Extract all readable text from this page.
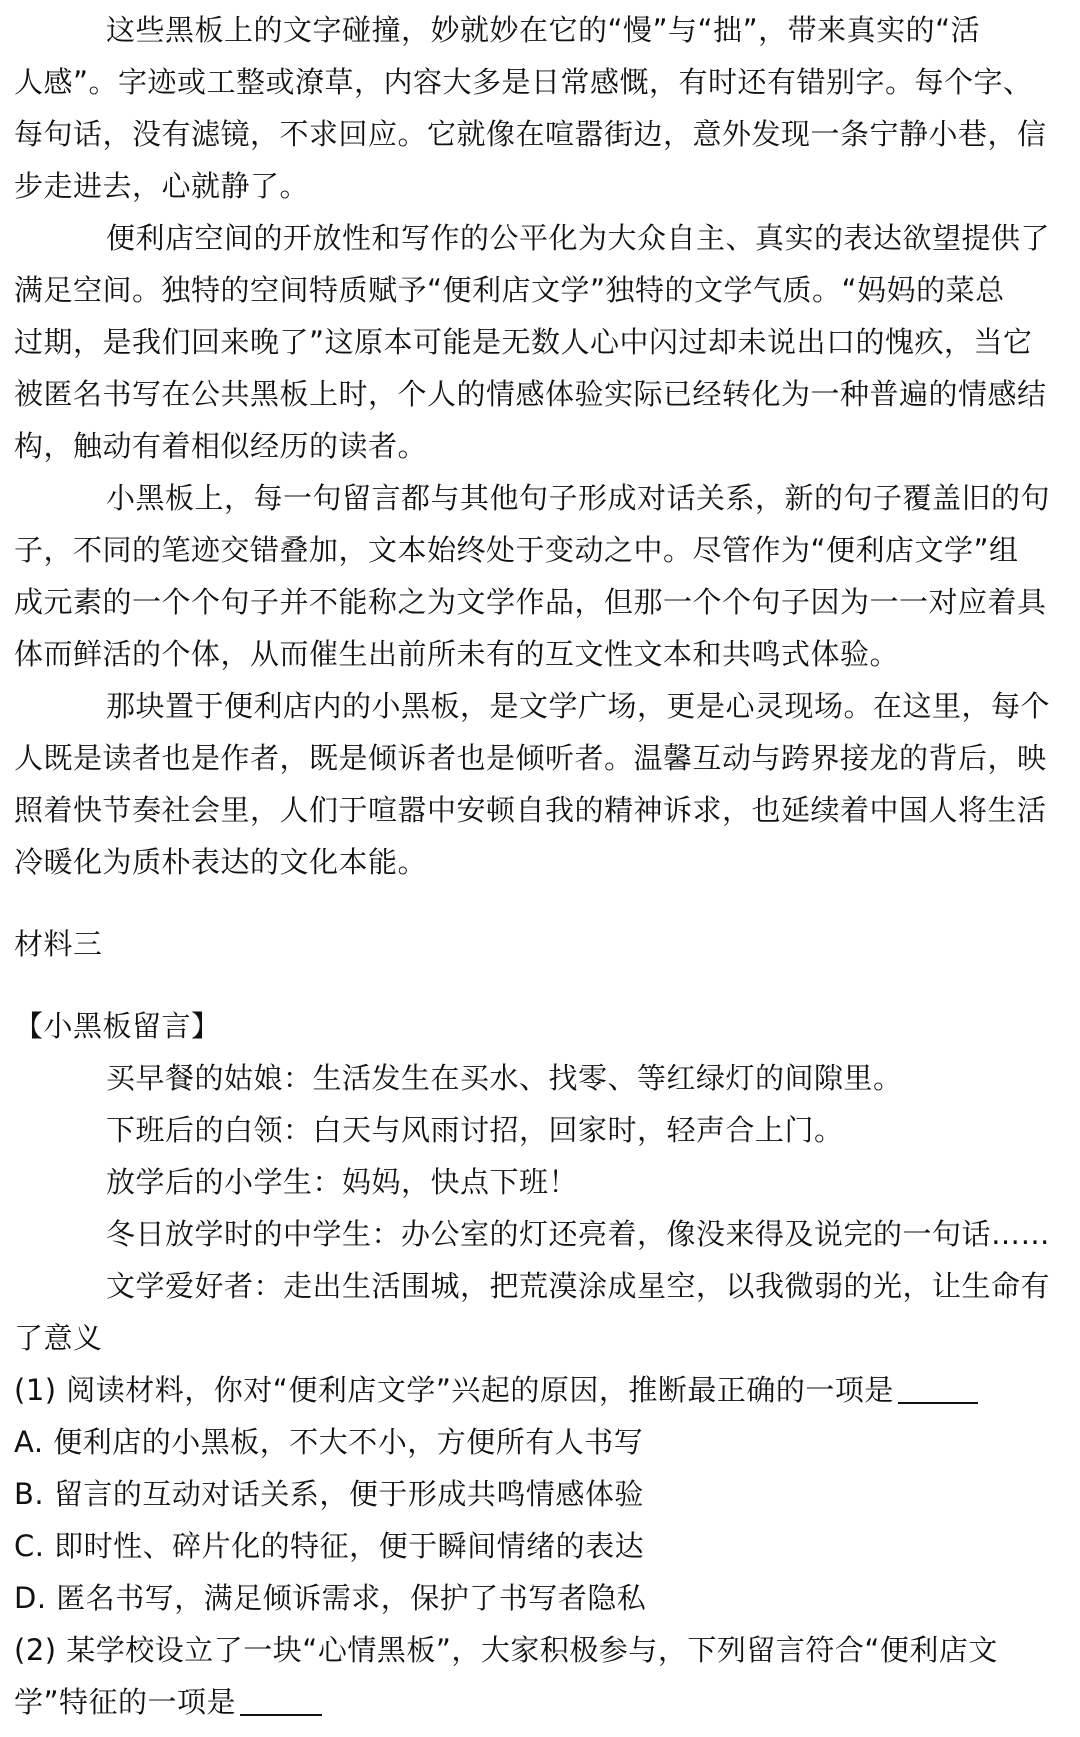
这些黑板上的文字碰撞，妙就妙在它的“慢”与“拙”，带来真实的“活
人感”。字迹或工整或潦草，内容大多是日常感慨，有时还有错别字。每个字、
每句话，没有滤镜，不求回应。它就像在喧嚣街边，意外发现一条宁静小巷，信
步走进去，心就静了。
便利店空间的开放性和写作的公平化为大众自主、真实的表达欲望提供了
满足空间。独特的空间特质赋予“便利店文学”独特的文学气质。“妈妈的菜总
过期，是我们回来晚了”这原本可能是无数人心中闪过却未说出口的愧疚，当它
被匿名书写在公共黑板上时，个人的情感体验实际已经转化为一种普遍的情感结
构，触动有着相似经历的读者。
小黑板上，每一句留言都与其他句子形成对话关系，新的句子覆盖旧的句
子，不同的笔迹交错叠加，文本始终处于变动之中。尽管作为“便利店文学”组
成元素的一个个句子并不能称之为文学作品，但那一个个句子因为一一对应着具
体而鲜活的个体，从而催生出前所未有的互文性文本和共鸣式体验。
那块置于便利店内的小黑板，是文学广场，更是心灵现场。在这里，每个
人既是读者也是作者，既是倾诉者也是倾听者。温馨互动与跨界接龙的背后，映
照着快节奏社会里，人们于喧嚣中安顿自我的精神诉求，也延续着中国人将生活
冷暖化为质朴表达的文化本能。
材料三
【小黑板留言】
买早餐的姑娘：生活发生在买水、找零、等红绿灯的间隙里。
下班后的白领：白天与风雨讨招，回家时，轻声合上门。
放学后的小学生：妈妈，快点下班！
冬日放学时的中学生：办公室的灯还亮着，像没来得及说完的一句话……
文学爱好者：走出生活围城，把荒漠涂成星空，以我微弱的光，让生命有
了意义
(1) 阅读材料，你对“便利店文学”兴起的原因，推断最正确的一项是
A. 便利店的小黑板，不大不小，方便所有人书写
B. 留言的互动对话关系，便于形成共鸣情感体验
C. 即时性、碎片化的特征，便于瞬间情绪的表达
D. 匿名书写，满足倾诉需求，保护了书写者隐私
(2) 某学校设立了一块“心情黑板”，大家积极参与，下列留言符合“便利店文
学”特征的一项是
